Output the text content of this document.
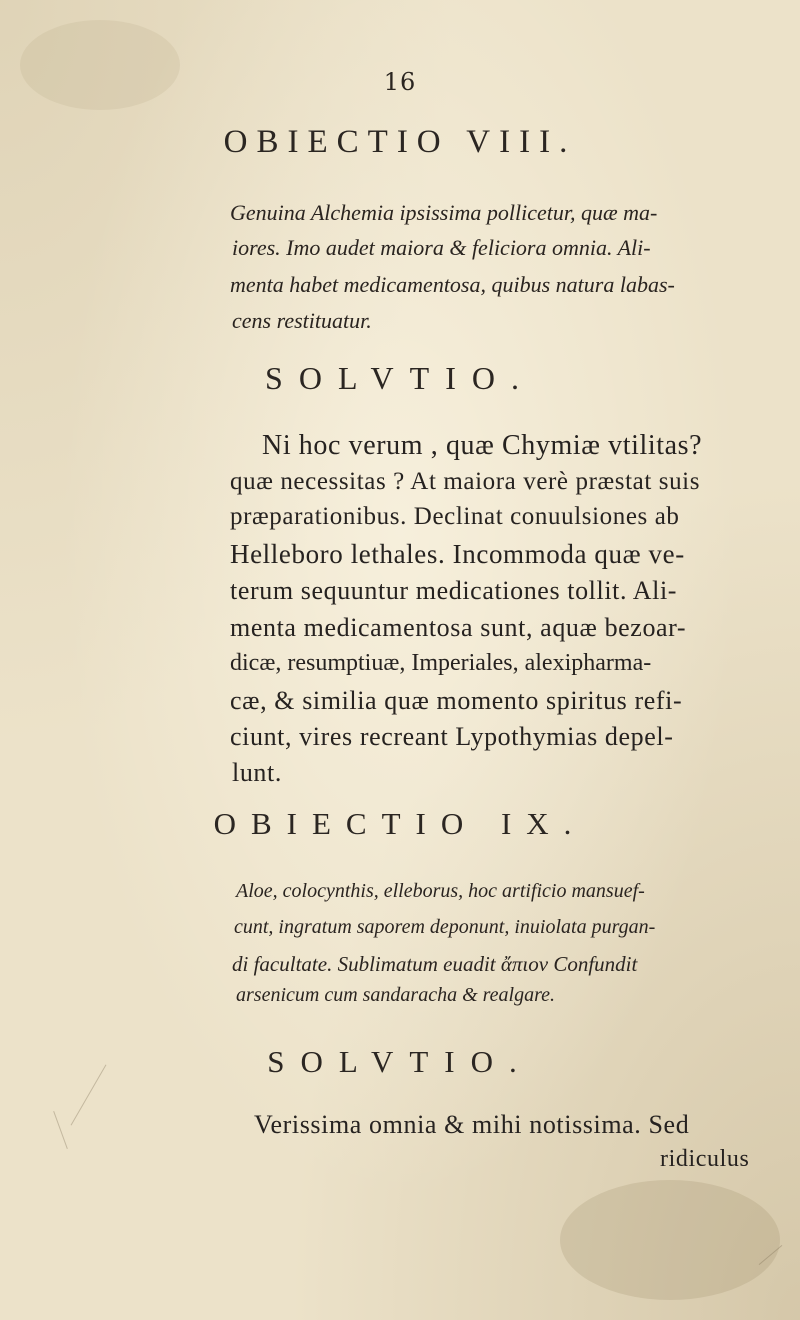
16
OBIECTIO VIII.
Genuina Alchemia ipsissima pollicetur, quæ ma-
iores. Imo audet maiora & feliciora omnia. Ali-
menta habet medicamentosa, quibus natura labas-
cens restituatur.
SOLVTIO.
Ni hoc verum , quæ Chymiæ vtilitas?
quæ necessitas ? At maiora verè præstat suis
præparationibus. Declinat conuulsiones ab
Helleboro lethales. Incommoda quæ ve-
terum sequuntur medicationes tollit. Ali-
menta medicamentosa sunt, aquæ bezoar-
dicæ, resumptiuæ, Imperiales, alexipharma-
cæ, & similia quæ momento spiritus refi-
ciunt, vires recreant Lypothymias depel-
lunt.
OBIECTIO IX.
Aloe, colocynthis, elleborus, hoc artificio mansuef-
cunt, ingratum saporem deponunt, inuiolata purgan-
di facultate. Sublimatum euadit ἄπιον Confundit
arsenicum cum sandaracha & realgare.
SOLVTIO.
Verissima omnia & mihi notissima. Sed
ridiculus
